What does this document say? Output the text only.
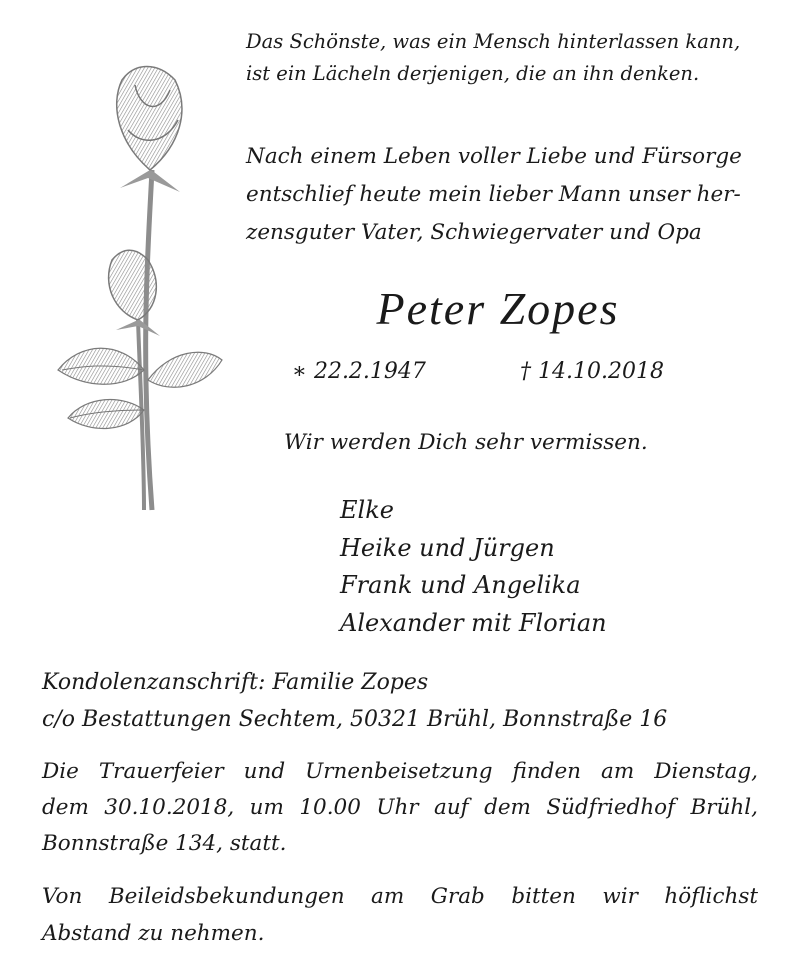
Das Schönste, was ein Mensch hinterlassen kann,
ist ein Lächeln derjenigen, die an ihn denken.

Nach einem Leben voller Liebe und Fürsorge
entschlief heute mein lieber Mann unser her-
zensguter Vater, Schwiegervater und Opa

Peter Zopes
∗ 22.2.1947	† 14.10.2018

Wir werden Dich sehr vermissen.

Elke
Heike und Jürgen
Frank und Angelika
Alexander mit Florian

Kondolenzanschrift: Familie Zopes
c/o Bestattungen Sechtem, 50321 Brühl, Bonnstraße 16

Die Trauerfeier und Urnenbeisetzung finden am Dienstag,
dem 30.10.2018, um 10.00 Uhr auf dem Südfriedhof Brühl,
Bonnstraße 134, statt.

Von Beileidsbekundungen am Grab bitten wir höflichst
Abstand zu nehmen.
